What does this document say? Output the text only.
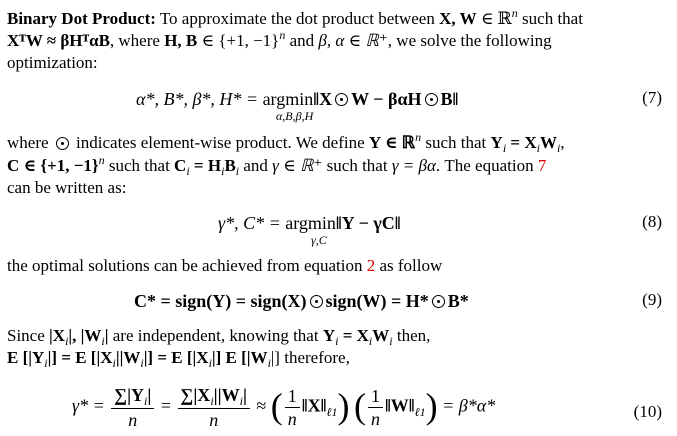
Binary Dot Product: To approximate the dot product between X, W ∈ ℝ$^n$ such that
XᵀW ≈ βHᵀαB, where H, B ∈ {+1, −1}$^n$ and β, α ∈ ℝ⁺, we solve the following
optimization:
α*, B*, β*, H* = argmin‖X W − βαH B‖
α,B,β,H
(7)
where indicates element-wise product. We define Y ∈ ℝ$^n$ such that $Y_i = X_iW_i$,
C ∈ {+1, −1}$^n$ such that $C_i = H_iB_i$ and γ ∈ ℝ⁺ such that γ = βα. The equation 7
can be written as:
γ*, C* = argmin‖Y − γC‖
γ,C
(8)
the optimal solutions can be achieved from equation 2 as follow
C* = sign(Y) = sign(X) sign(W) = H* B*	(9)
Since $|X_i|$, $|W_i|$ are independent, knowing that $Y_i = X_iW_i$ then,
E $[|Y_i|] = E$ $[|X_i||W_i|] = E$ $[|X_i|]$ E $[|W_i|]$ therefore,
$\gamma* = \frac{\sum|Y_i|}{n} = \frac{\sum|X_i||W_i|}{n}$ ≈ ( $\frac{1}{n}$ $‖X‖_{\ell 1}$) ( $\frac{1}{n}$ $‖W‖_{\ell 1}) = \beta*\alpha*$	(10)
